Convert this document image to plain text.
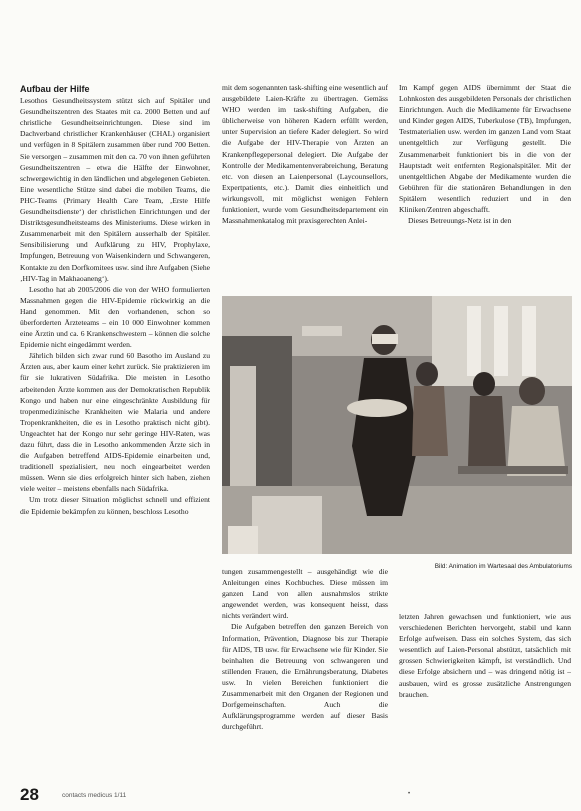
Aufbau der Hilfe

Lesothos Gesundheitssystem stützt sich auf Spitäler und Gesundheitszentren des Staates mit ca. 2000 Betten und auf christliche Gesundheitseinrichtungen. Diese sind im Dachverband christlicher Krankenhäuser (CHAL) organisiert und verfügen in 8 Spitälern zusammen über rund 700 Betten. Sie versorgen – zusammen mit den ca. 70 von ihnen geführten Gesundheitszentren – etwa die Hälfte der Einwohner, schwergewichtig in den ländlichen und abgelegenen Gebieten. Eine wesentliche Stütze sind dabei die mobilen Teams, die PHC-Teams (Primary Health Care Team, ‚Erste Hilfe Gesundheitsdienste‘) der christlichen Einrichtungen und der Distriktsgesundheitsteams des Ministeriums. Diese wirken in Zusammenarbeit mit den Spitälern ausserhalb der Spitäler. Sensibilisierung und Aufklärung zu HIV, Prophylaxe, Impfungen, Betreuung von Waisenkindern und Schwangeren, Kontakte zu den Dorfkomitees usw. sind ihre Aufgaben (Siehe ‚HIV-Tag in Makhaoaneng‘).

Lesotho hat ab 2005/2006 die von der WHO formulierten Massnahmen gegen die HIV-Epidemie rückwirkig an die Hand genommen. Mit den vorhandenen, schon so überforderten Ärzteteams – ein 10 000 Einwohner kommen eine Ärztin und ca. 6 Krankenschwestern – können die solche Epidemie nicht eingedämmt werden.

Jährlich bilden sich zwar rund 60 Basotho im Ausland zu Ärzten aus, aber kaum einer kehrt zurück. Sie praktizieren im für sie lukrativen Südafrika. Die meisten in Lesotho arbeitenden Ärzte kommen aus der Demokratischen Republik Kongo und haben nur eine eingeschränkte Ausbildung für tropenmedizinische Krankheiten wie Malaria und andere Tropenkrankheiten, die es in Lesotho praktisch nicht gibt). Ungeachtet hat der Kongo nur sehr geringe HIV-Raten, was dazu führt, dass die in Lesotho ankommenden Ärzte sich in die Aufgaben betreffend AIDS-Epidemie einarbeiten und, traditionell spezialisiert, neu noch eingearbeitet werden müssen. Wenn sie dies erfolgreich hinter sich haben, ziehen viele weiter – meistens ebenfalls nach Südafrika.

Um trotz dieser Situation möglichst schnell und effizient die Epidemie bekämpfen zu können, beschloss Lesotho

mit dem sogenannten task-shifting eine wesentlich auf ausgebildete Laien-Kräfte zu übertragen. Gemäss WHO werden im task-shifting Aufgaben, die üblicherweise von höheren Kadern erfüllt werden, unter Supervision an tiefere Kader delegiert. So wird die Aufgabe der HIV-Therapie von Ärzten an Krankenpflegepersonal delegiert. Die Aufgabe der Kontrolle der Medikamentenverabreichung, Beratung etc. von diesen an Laienpersonal (Laycounsellors, Expertpatients, etc.). Damit dies einheitlich und wirkungsvoll, mit möglichst wenigen Fehlern funktioniert, wurde vom Gesundheitsdepartement ein Massnahmenkatalog mit praxisgerechten Anlei-

Im Kampf gegen AIDS übernimmt der Staat die Lohnkosten des ausgebildeten Personals der christlichen Einrichtungen. Auch die Medikamente für Erwachsene und Kinder gegen AIDS, Tuberkulose (TB), Impfungen, Testmaterialien usw. werden im ganzen Land vom Staat unentgeltlich zur Verfügung gestellt. Die Zusammenarbeit funktioniert bis in die von der Hauptstadt weit entfernten Regionalspitäler. Mit der unentgeltlichen Abgabe der Medikamente wurden die Gebühren für die stationären Behandlungen in den Spitälern wesentlich reduziert und in den Kliniken/Zentren abgeschafft.

Dieses Betreuungs-Netz ist in den

Bild: Animation im Wartesaal des Ambulatoriums

tungen zusammengestellt – ausgehändigt wie die Anleitungen eines Kochbuches. Diese müssen im ganzen Land von allen ausnahmslos strikte angewendet werden, was konsequent heisst, dass nichts verändert wird.

Die Aufgaben betreffen den ganzen Bereich von Information, Prävention, Diagnose bis zur Therapie für AIDS, TB usw. für Erwachsene wie für Kinder. Sie beinhalten die Betreuung von schwangeren und stillenden Frauen, die Ernährungsberatung, Diabetes usw. In vielen Bereichen funktioniert die Zusammenarbeit mit den Organen der Regionen und Dorfgemeinschaften. Auch die Aufklärungsprogramme werden auf dieser Basis durchgeführt.

letzten Jahren gewachsen und funktioniert, wie aus verschiedenen Berichten hervorgeht, stabil und kann Erfolge aufweisen. Dass ein solches System, das sich wesentlich auf Laien-Personal abstützt, tatsächlich mit grossen Schwierigkeiten kämpft, ist verständlich. Und diese Erfolge absichern und – was dringend nötig ist – ausbauen, wird es grosse zusätzliche Anstrengungen brauchen.

28	contacts medicus 1/11	•
